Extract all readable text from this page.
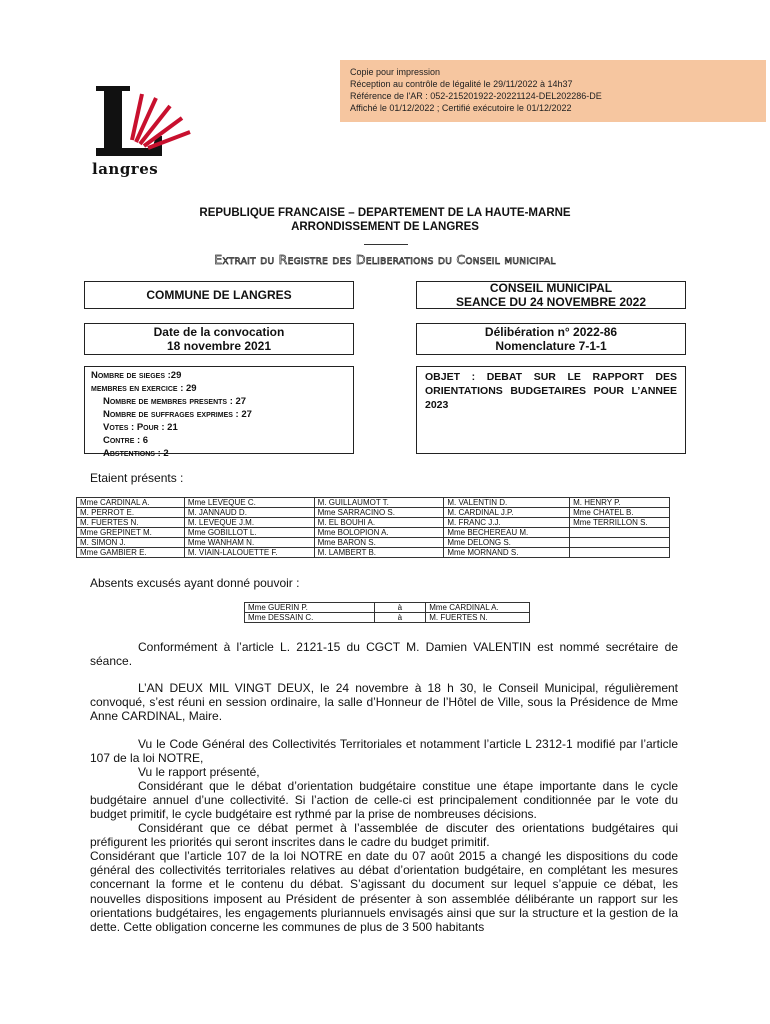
Copie pour impression
Réception au contrôle de légalité le 29/11/2022 à 14h37
Référence de l'AR : 052-215201922-20221124-DEL202286-DE
Affiché le 01/12/2022 ; Certifié exécutoire le 01/12/2022
langres
REPUBLIQUE FRANCAISE – DEPARTEMENT DE LA HAUTE-MARNE
ARRONDISSEMENT DE LANGRES
Extrait du Registre des Deliberations du Conseil municipal
COMMUNE DE LANGRES	CONSEIL MUNICIPAL
SEANCE DU 24 NOVEMBRE 2022
Date de la convocation
18 novembre 2021
Délibération n° 2022-86
Nomenclature 7-1-1
Nombre de sieges :29
membres en exercice : 29
Nombre de membres presents : 27
Nombre de suffrages exprimes : 27
Votes : Pour : 21
Contre : 6
Abstentions : 2
OBJET : DEBAT SUR LE RAPPORT DES ORIENTATIONS BUDGETAIRES POUR L’ANNEE 2023
Etaient présents :
Mme CARDINAL A.	Mme LEVEQUE C.	M. GUILLAUMOT T.	M. VALENTIN D.	M. HENRY P.
M. PERROT E.	M. JANNAUD D.	Mme SARRACINO S.	M. CARDINAL J.P.	Mme CHATEL B.
M. FUERTES N.	M. LEVEQUE J.M.	M. EL BOUHI A.	M. FRANC J.J.	Mme TERRILLON S.
Mme GREPINET M.	Mme GOBILLOT L.	Mme BOLOPION A.	Mme BECHEREAU M.	
M. SIMON J.	Mme WANHAM N.	Mme BARON S.	Mme DELONG S.	
Mme GAMBIER E.	M. VIAIN-LALOUETTE F.	M. LAMBERT B.	Mme MORNAND S.	
Absents excusés ayant donné pouvoir :
Mme GUERIN P.	à	Mme CARDINAL A.
Mme DESSAIN C.	à	M. FUERTES N.
Conformément à l’article L. 2121-15 du CGCT M. Damien VALENTIN est nommé secrétaire de séance.
L’AN DEUX MIL VINGT DEUX, le 24 novembre à 18 h 30, le Conseil Municipal, régulièrement convoqué, s’est réuni en session ordinaire, la salle d’Honneur de l’Hôtel de Ville, sous la Présidence de Mme Anne CARDINAL, Maire.
Vu le Code Général des Collectivités Territoriales et notamment l’article L 2312-1 modifié par l’article 107 de la loi NOTRE,
Vu le rapport présenté,
Considérant que le débat d’orientation budgétaire constitue une étape importante dans le cycle budgétaire annuel d’une collectivité. Si l’action de celle-ci est principalement conditionnée par le vote du budget primitif, le cycle budgétaire est rythmé par la prise de nombreuses décisions.
Considérant que ce débat permet à l’assemblée de discuter des orientations budgétaires qui préfigurent les priorités qui seront inscrites dans le cadre du budget primitif.
Considérant que l’article 107 de la loi NOTRE en date du 07 août 2015 a changé les dispositions du code général des collectivités territoriales relatives au débat d’orientation budgétaire, en complétant les mesures concernant la forme et le contenu du débat. S’agissant du document sur lequel s’appuie ce débat, les nouvelles dispositions imposent au Président de présenter à son assemblée délibérante un rapport sur les orientations budgétaires, les engagements pluriannuels envisagés ainsi que sur la structure et la gestion de la dette. Cette obligation concerne les communes de plus de 3 500 habitants
